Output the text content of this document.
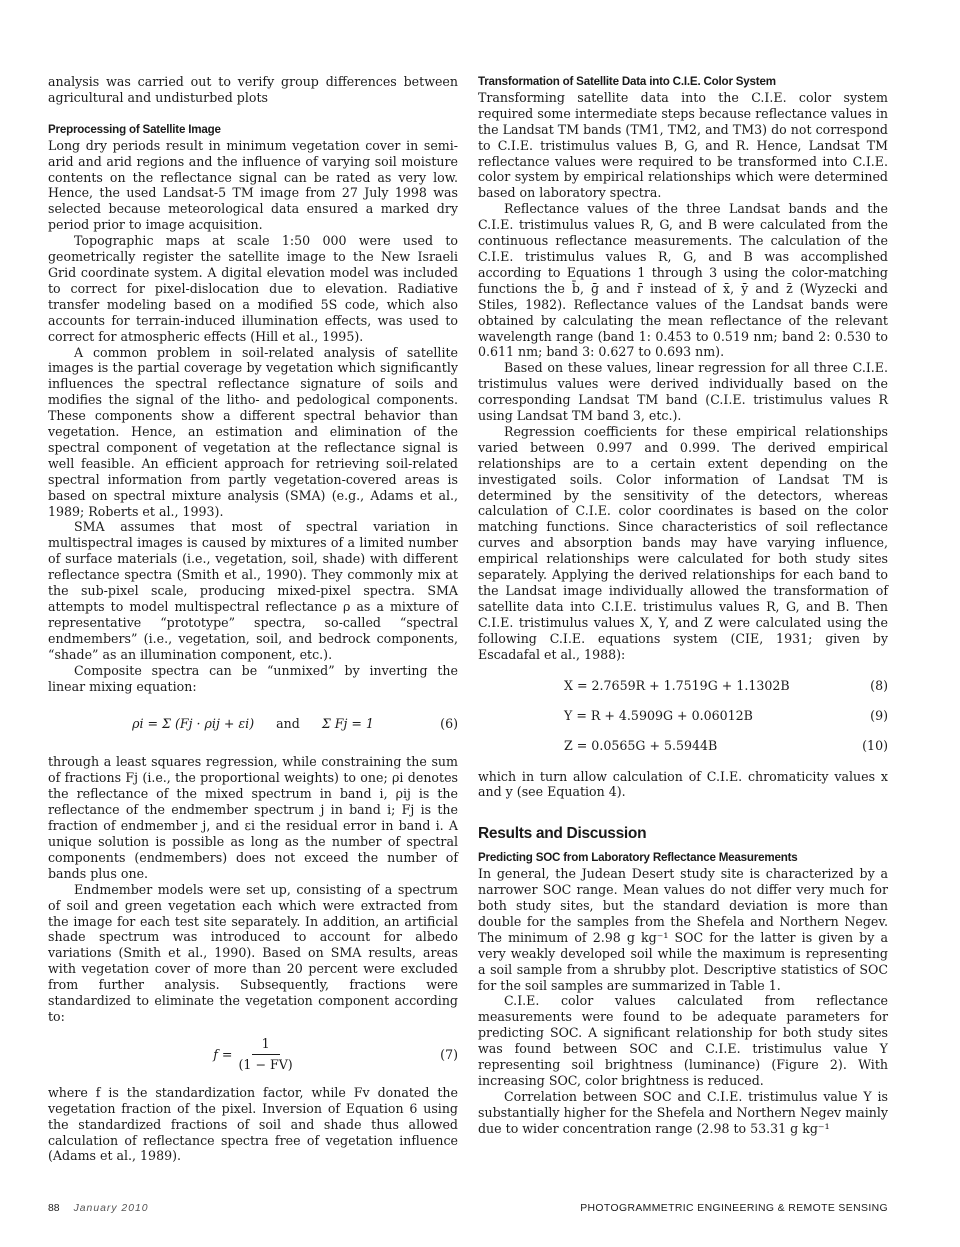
analysis was carried out to verify group differences between agricultural and undisturbed plots

Preprocessing of Satellite Image

Long dry periods result in minimum vegetation cover in semi-arid and arid regions and the influence of varying soil moisture contents on the reflectance signal can be rated as very low. Hence, the used Landsat-5 TM image from 27 July 1998 was selected because meteorological data ensured a marked dry period prior to image acquisition.

Topographic maps at scale 1:50 000 were used to geometrically register the satellite image to the New Israeli Grid coordinate system. A digital elevation model was included to correct for pixel-dislocation due to elevation. Radiative transfer modeling based on a modified 5S code, which also accounts for terrain-induced illumination effects, was used to correct for atmospheric effects (Hill et al., 1995).

A common problem in soil-related analysis of satellite images is the partial coverage by vegetation which significantly influences the spectral reflectance signature of soils and modifies the signal of the litho- and pedological components. These components show a different spectral behavior than vegetation. Hence, an estimation and elimination of the spectral component of vegetation at the reflectance signal is well feasible. An efficient approach for retrieving soil-related spectral information from partly vegetation-covered areas is based on spectral mixture analysis (SMA) (e.g., Adams et al., 1989; Roberts et al., 1993).

SMA assumes that most of spectral variation in multispectral images is caused by mixtures of a limited number of surface materials (i.e., vegetation, soil, shade) with different reflectance spectra (Smith et al., 1990). They commonly mix at the sub-pixel scale, producing mixed-pixel spectra. SMA attempts to model multispectral reflectance ρ as a mixture of representative “prototype” spectra, so-called “spectral endmembers” (i.e., vegetation, soil, and bedrock components, “shade” as an illumination component, etc.).

Composite spectra can be “unmixed” by inverting the linear mixing equation:

ρi = Σ (Fj · ρij + εi) and Σ Fj = 1	(6)

through a least squares regression, while constraining the sum of fractions Fj (i.e., the proportional weights) to one; ρi denotes the reflectance of the mixed spectrum in band i, ρij is the reflectance of the endmember spectrum j in band i; Fj is the fraction of endmember j, and εi the residual error in band i. A unique solution is possible as long as the number of spectral components (endmembers) does not exceed the number of bands plus one.

Endmember models were set up, consisting of a spectrum of soil and green vegetation each which were extracted from the image for each test site separately. In addition, an artificial shade spectrum was introduced to account for albedo variations (Smith et al., 1990). Based on SMA results, areas with vegetation cover of more than 20 percent were excluded from further analysis. Subsequently, fractions were standardized to eliminate the vegetation component according to:

$f = \frac{1}{(1 - FV)}$	(7)

where f is the standardization factor, while Fv donated the vegetation fraction of the pixel. Inversion of Equation 6 using the standardized fractions of soil and shade thus allowed calculation of reflectance spectra free of vegetation influence (Adams et al., 1989).

Transformation of Satellite Data into C.I.E. Color System

Transforming satellite data into the C.I.E. color system required some intermediate steps because reflectance values in the Landsat TM bands (TM1, TM2, and TM3) do not correspond to C.I.E. tristimulus values B, G, and R. Hence, Landsat TM reflectance values were required to be transformed into C.I.E. color system by empirical relationships which were determined based on laboratory spectra.

Reflectance values of the three Landsat bands and the C.I.E. tristimulus values R, G, and B were calculated from the continuous reflectance measurements. The calculation of the C.I.E. tristimulus values R, G, and B was accomplished according to Equations 1 through 3 using the color-matching functions the b̄, ḡ and r̄ instead of x̄, ȳ and z̄ (Wyzecki and Stiles, 1982). Reflectance values of the Landsat bands were obtained by calculating the mean reflectance of the relevant wavelength range (band 1: 0.453 to 0.519 nm; band 2: 0.530 to 0.611 nm; band 3: 0.627 to 0.693 nm).

Based on these values, linear regression for all three C.I.E. tristimulus values were derived individually based on the corresponding Landsat TM band (C.I.E. tristimulus values R using Landsat TM band 3, etc.).

Regression coefficients for these empirical relationships varied between 0.997 and 0.999. The derived empirical relationships are to a certain extent depending on the investigated soils. Color information of Landsat TM is determined by the sensitivity of the detectors, whereas calculation of C.I.E. color coordinates is based on the color matching functions. Since characteristics of soil reflectance curves and absorption bands may have varying influence, empirical relationships were calculated for both study sites separately. Applying the derived relationships for each band to the Landsat image individually allowed the transformation of satellite data into C.I.E. tristimulus values R, G, and B. Then C.I.E. tristimulus values X, Y, and Z were calculated using the following C.I.E. equations system (CIE, 1931; given by Escadafal et al., 1988):

X = 2.7659R + 1.7519G + 1.1302B	(8)
Y = R + 4.5909G + 0.06012B	(9)
Z = 0.0565G + 5.5944B	(10)

which in turn allow calculation of C.I.E. chromaticity values x and y (see Equation 4).

Results and Discussion
Predicting SOC from Laboratory Reflectance Measurements

In general, the Judean Desert study site is characterized by a narrower SOC range. Mean values do not differ very much for both study sites, but the standard deviation is more than double for the samples from the Shefela and Northern Negev. The minimum of 2.98 g kg⁻¹ SOC for the latter is given by a very weakly developed soil while the maximum is representing a soil sample from a shrubby plot. Descriptive statistics of SOC for the soil samples are summarized in Table 1.

C.I.E. color values calculated from reflectance measurements were found to be adequate parameters for predicting SOC. A significant relationship for both study sites was found between SOC and C.I.E. tristimulus value Y representing soil brightness (luminance) (Figure 2). With increasing SOC, color brightness is reduced.

Correlation between SOC and C.I.E. tristimulus value Y is substantially higher for the Shefela and Northern Negev mainly due to wider concentration range (2.98 to 53.31 g kg⁻¹

88 January 2010	PHOTOGRAMMETRIC ENGINEERING & REMOTE SENSING
